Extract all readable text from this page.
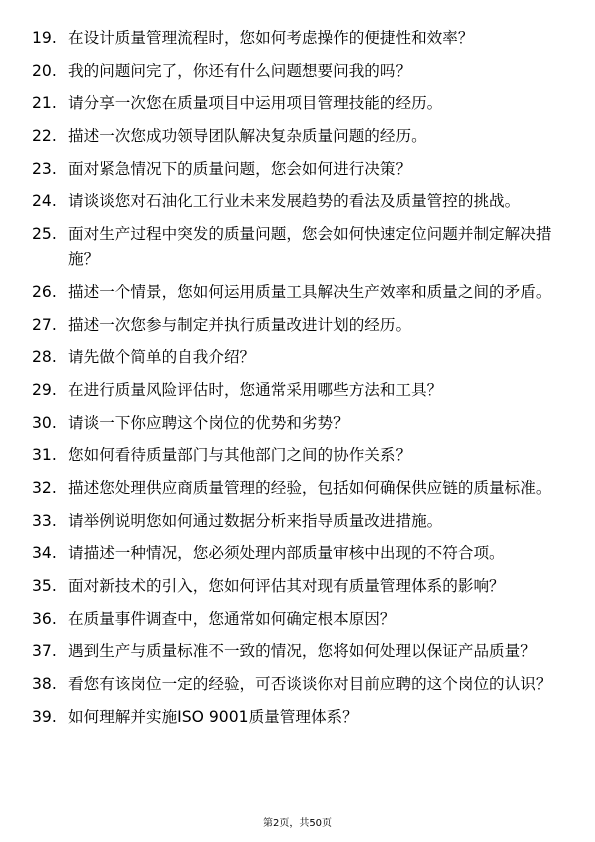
19. 在设计质量管理流程时，您如何考虑操作的便捷性和效率？
20. 我的问题问完了，你还有什么问题想要问我的吗？
21. 请分享一次您在质量项目中运用项目管理技能的经历。
22. 描述一次您成功领导团队解决复杂质量问题的经历。
23. 面对紧急情况下的质量问题，您会如何进行决策？
24. 请谈谈您对石油化工行业未来发展趋势的看法及质量管控的挑战。
25. 面对生产过程中突发的质量问题，您会如何快速定位问题并制定解决措施？
26. 描述一个情景，您如何运用质量工具解决生产效率和质量之间的矛盾。
27. 描述一次您参与制定并执行质量改进计划的经历。
28. 请先做个简单的自我介绍？
29. 在进行质量风险评估时，您通常采用哪些方法和工具？
30. 请谈一下你应聘这个岗位的优势和劣势？
31. 您如何看待质量部门与其他部门之间的协作关系？
32. 描述您处理供应商质量管理的经验，包括如何确保供应链的质量标准。
33. 请举例说明您如何通过数据分析来指导质量改进措施。
34. 请描述一种情况，您必须处理内部质量审核中出现的不符合项。
35. 面对新技术的引入，您如何评估其对现有质量管理体系的影响？
36. 在质量事件调查中，您通常如何确定根本原因？
37. 遇到生产与质量标准不一致的情况，您将如何处理以保证产品质量？
38. 看您有该岗位一定的经验，可否谈谈你对目前应聘的这个岗位的认识？
39. 如何理解并实施ISO 9001质量管理体系？
第2页，共50页
